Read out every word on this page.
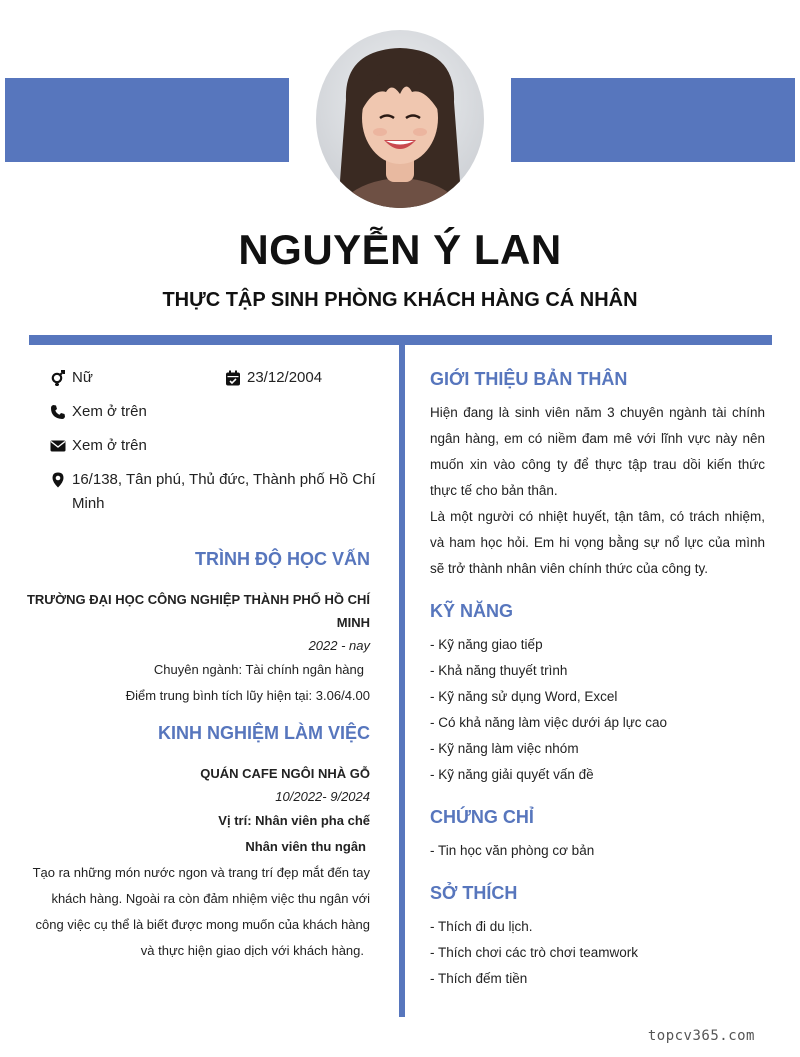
NGUYỄN Ý LAN
THỰC TẬP SINH PHÒNG KHÁCH HÀNG CÁ NHÂN
Nữ	23/12/2004
Xem ở trên
Xem ở trên
16/138, Tân phú, Thủ đức, Thành phố Hồ Chí
Minh
TRÌNH ĐỘ HỌC VẤN
TRƯỜNG ĐẠI HỌC CÔNG NGHIỆP THÀNH PHỐ HỒ CHÍ
MINH
2022 - nay
Chuyên ngành: Tài chính ngân hàng
Điểm trung bình tích lũy hiện tại: 3.06/4.00
KINH NGHIỆM LÀM VIỆC
QUÁN CAFE NGÔI NHÀ GỖ
10/2022- 9/2024
Vị trí: Nhân viên pha chế
Nhân viên thu ngân
Tạo ra những món nước ngon và trang trí đẹp mắt đến tay
khách hàng. Ngoài ra còn đảm nhiệm việc thu ngân với
công việc cụ thể là biết được mong muốn của khách hàng
và thực hiện giao dịch với khách hàng.
GIỚI THIỆU BẢN THÂN
Hiện đang là sinh viên năm 3 chuyên ngành tài chính ngân hàng, em có niềm đam mê với lĩnh vực này nên muốn xin vào công ty để thực tập trau dồi kiến thức thực tế cho bản thân.
Là một người có nhiệt huyết, tận tâm, có trách nhiệm, và ham học hỏi. Em hi vọng bằng sự nổ lực của mình sẽ trở thành nhân viên chính thức của công ty.
KỸ NĂNG
- Kỹ năng giao tiếp
- Khả năng thuyết trình
- Kỹ năng sử dụng Word, Excel
- Có khả năng làm việc dưới áp lực cao
- Kỹ năng làm việc nhóm
- Kỹ năng giải quyết vấn đề
CHỨNG CHỈ
- Tin học văn phòng cơ bản
SỞ THÍCH
- Thích đi du lịch.
- Thích chơi các trò chơi teamwork
- Thích đếm tiền
topcv365.com
